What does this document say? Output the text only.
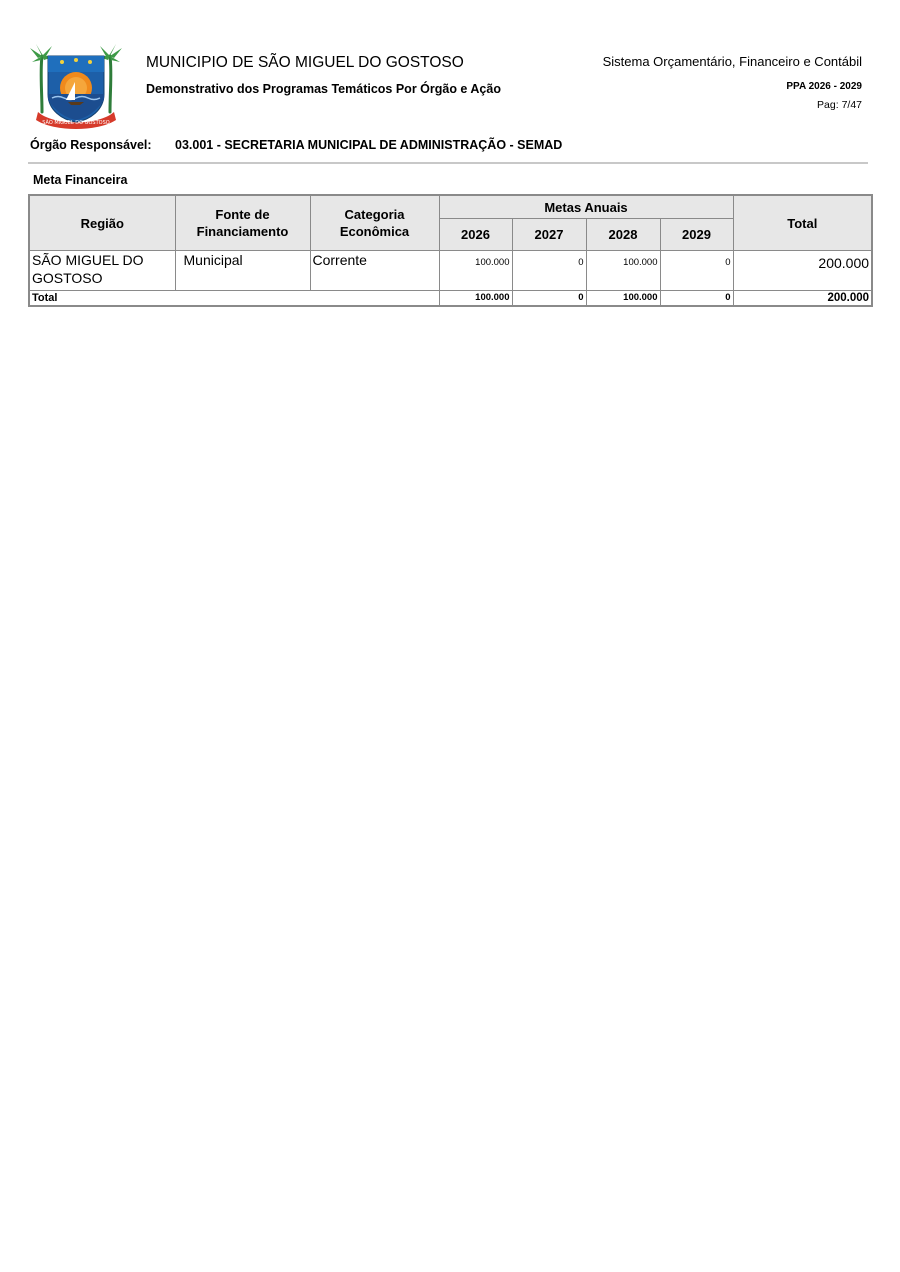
SÃO MIGUEL DO GOSTOSO
MUNICIPIO DE SÃO MIGUEL DO GOSTOSO
Demonstrativo dos Programas Temáticos Por Órgão e Ação
Sistema Orçamentário, Financeiro e Contábil
PPA 2026 - 2029
Pag: 7/47
Órgão Responsável: 03.001 - SECRETARIA MUNICIPAL DE ADMINISTRAÇÃO - SEMAD
Meta Financeira
Região	Fonte de Financiamento	Categoria Econômica	Metas Anuais				Total
			2026	2027	2028	2029	
SÃO MIGUEL DO GOSTOSO	Municipal	Corrente	100.000	0	100.000	0	200.000
Total			100.000	0	100.000	0	200.000
